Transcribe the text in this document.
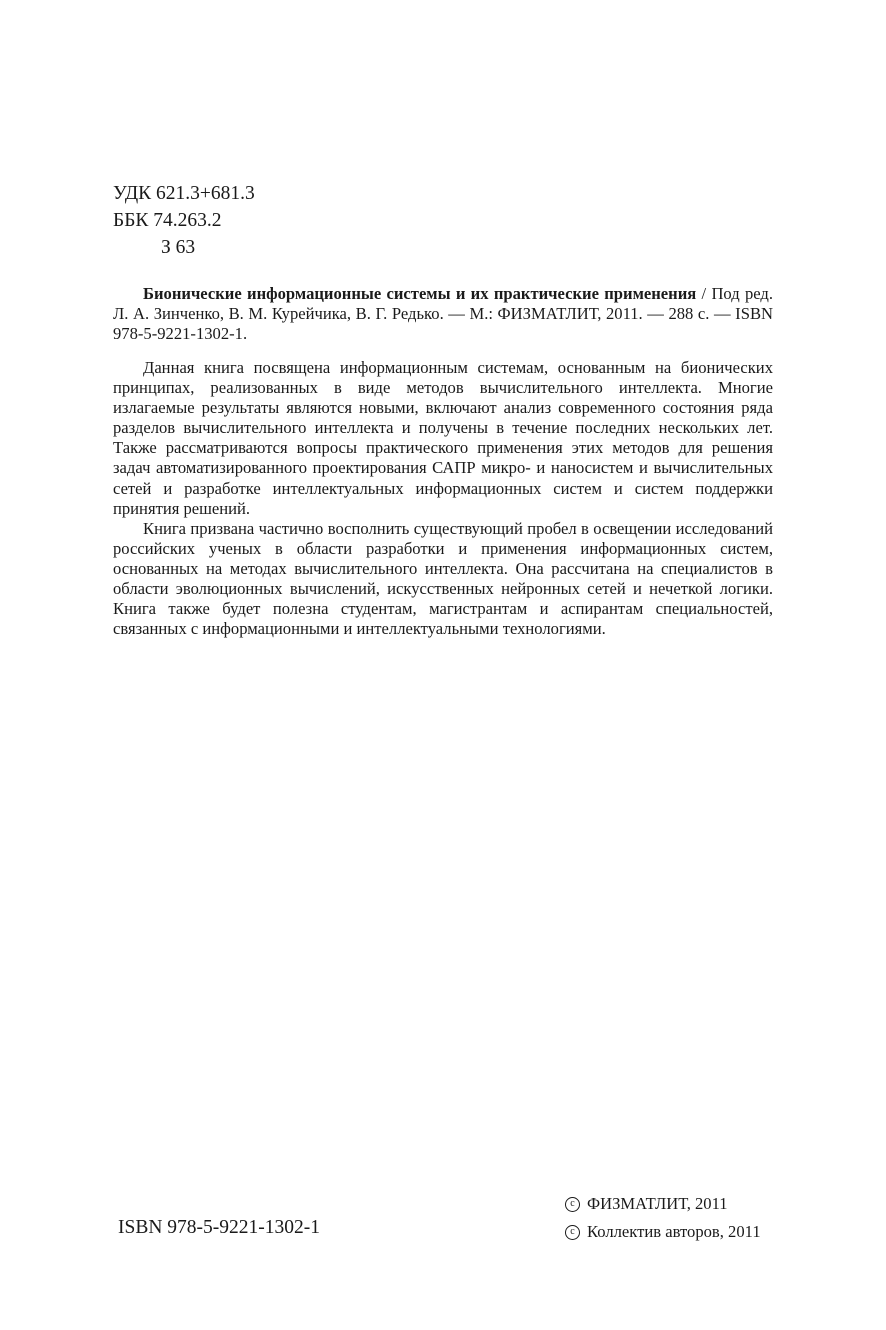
УДК 621.3+681.3
ББК 74.263.2
З 63

Бионические информационные системы и их практические применения / Под ред. Л. А. Зинченко, В. М. Курейчика, В. Г. Редько. — М.: ФИЗМАТЛИТ, 2011. — 288 с. — ISBN 978-5-9221-1302-1.

Данная книга посвящена информационным системам, основанным на бионических принципах, реализованных в виде методов вычислительного интеллекта. Многие излагаемые результаты являются новыми, включают анализ современного состояния ряда разделов вычислительного интеллекта и получены в течение последних нескольких лет. Также рассматриваются вопросы практического применения этих методов для решения задач автоматизированного проектирования САПР микро- и наносистем и вычислительных сетей и разработке интеллектуальных информационных систем и систем поддержки принятия решений.

Книга призвана частично восполнить существующий пробел в освещении исследований российских ученых в области разработки и применения информационных систем, основанных на методах вычислительного интеллекта. Она рассчитана на специалистов в области эволюционных вычислений, искусственных нейронных сетей и нечеткой логики. Книга также будет полезна студентам, магистрантам и аспирантам специальностей, связанных с информационными и интеллектуальными технологиями.

ISBN 978-5-9221-1302-1
c ФИЗМАТЛИТ, 2011
c Коллектив авторов, 2011
